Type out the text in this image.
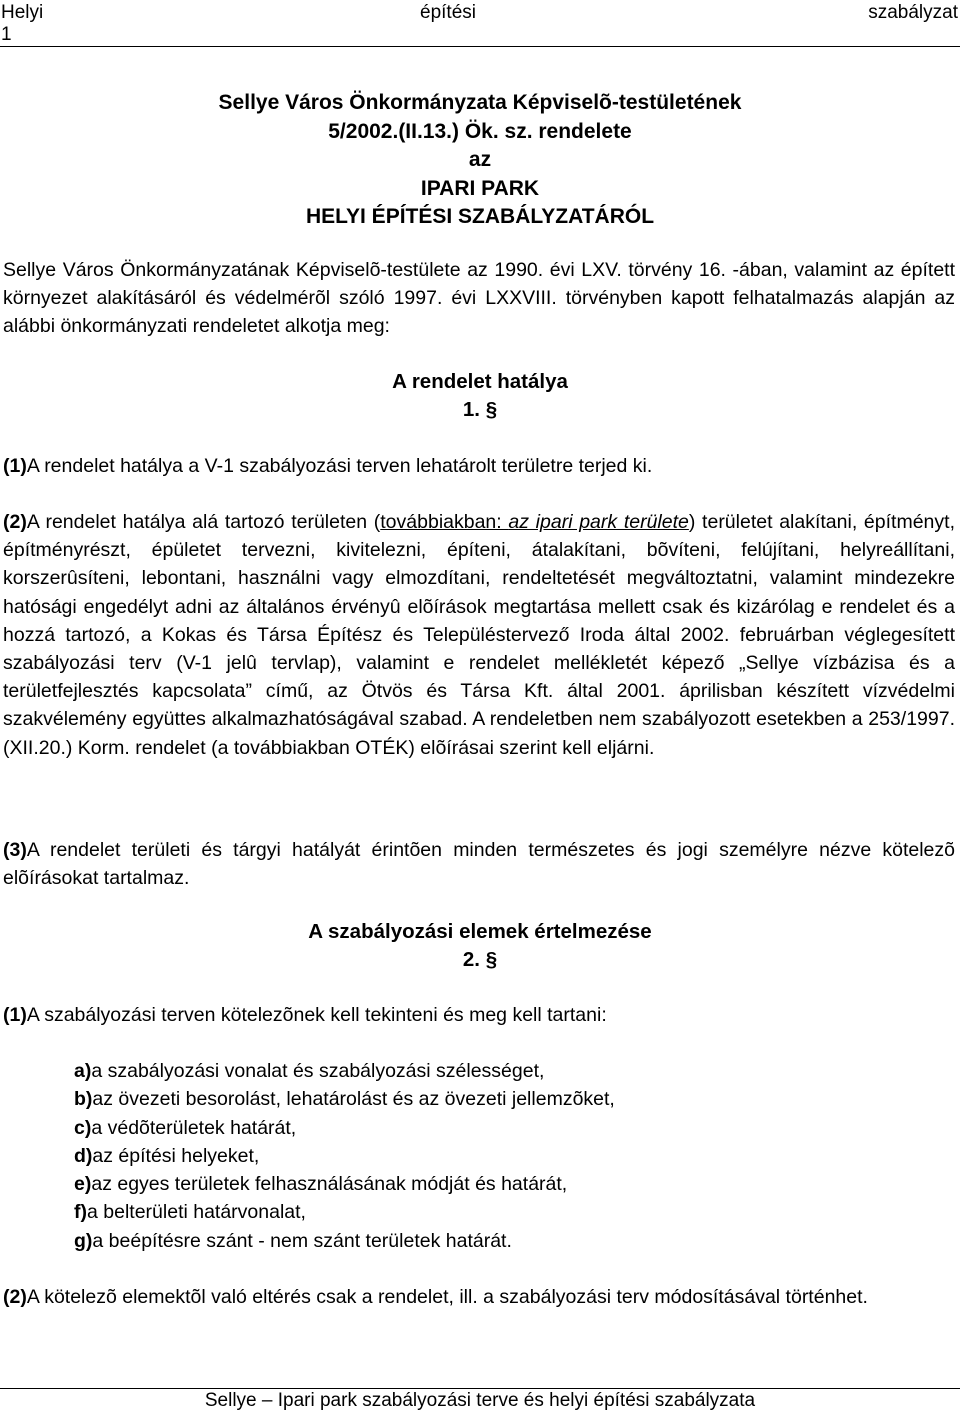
Helyi	építési	szabályzat
1
Sellye Város Önkormányzata Képviselõ-testületének
5/2002.(II.13.) Ök. sz. rendelete
az
IPARI PARK
HELYI ÉPÍTÉSI SZABÁLYZATÁRÓL
Sellye Város Önkormányzatának Képviselõ-testülete az 1990. évi LXV. törvény 16. -ában, valamint az épített környezet alakításáról és védelmérõl szóló 1997. évi LXXVIII. törvényben kapott felhatalmazás alapján az alábbi önkormányzati rendeletet alkotja meg:
A rendelet hatálya
1. §
(1)A rendelet hatálya a V-1 szabályozási terven lehatárolt területre terjed ki.
(2)A rendelet hatálya alá tartozó területen (továbbiakban: az ipari park területe) területet alakítani, építményt, építményrészt, épületet tervezni, kivitelezni, építeni, átalakítani, bõvíteni, felújítani, helyreállítani, korszerûsíteni, lebontani, használni vagy elmozdítani, rendeltetését megváltoztatni, valamint mindezekre hatósági engedélyt adni az általános érvényû elõírások megtartása mellett csak és kizárólag e rendelet és a hozzá tartozó, a Kokas és Társa Építész és Településtervező Iroda által 2002. februárban véglegesített szabályozási terv (V-1 jelû tervlap), valamint e rendelet mellékletét képező „Sellye vízbázisa és a területfejlesztés kapcsolata” című, az Ötvös és Társa Kft. által 2001. áprilisban készített vízvédelmi szakvélemény együttes alkalmazhatóságával szabad. A rendeletben nem szabályozott esetekben a 253/1997.(XII.20.) Korm. rendelet (a továbbiakban OTÉK) elõírásai szerint kell eljárni.
(3)A rendelet területi és tárgyi hatályát érintõen minden természetes és jogi személyre nézve kötelezõ elõírásokat tartalmaz.
A szabályozási elemek értelmezése
2. §
(1)A szabályozási terven kötelezõnek kell tekinteni és meg kell tartani:
a)a szabályozási vonalat és szabályozási szélességet,
b)az övezeti besorolást, lehatárolást és az övezeti jellemzõket,
c)a védõterületek határát,
d)az építési helyeket,
e)az egyes területek felhasználásának módját és határát,
f)a belterületi határvonalat,
g)a beépítésre szánt - nem szánt területek határát.
(2)A kötelezõ elemektõl való eltérés csak a rendelet, ill. a szabályozási terv módosításával történhet.
Sellye – Ipari park szabályozási terve és helyi építési szabályzata
